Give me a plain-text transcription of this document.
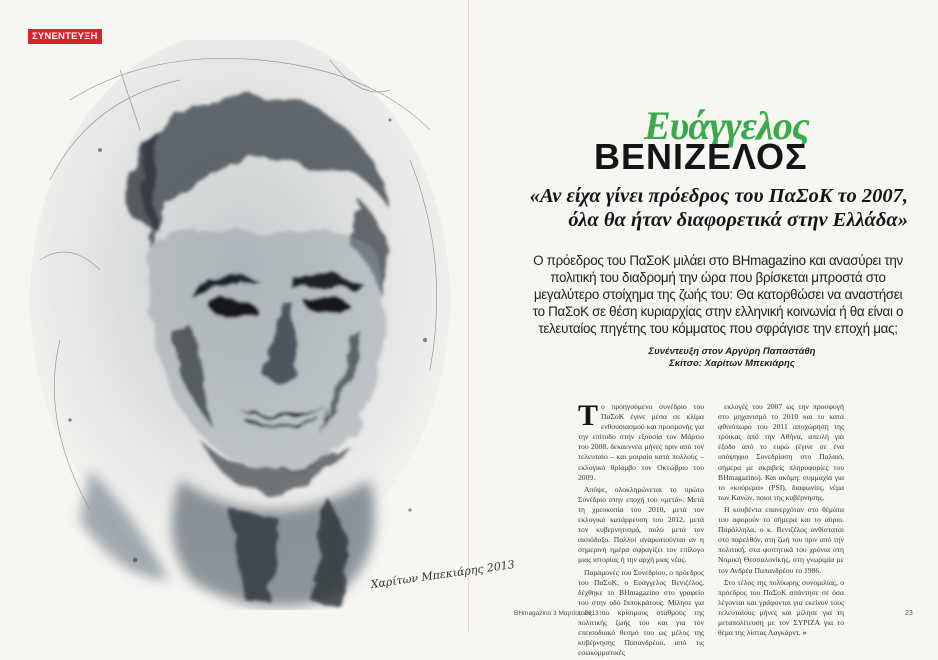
ΣΥΝΕΝΤΕΥΞΗ
Χαρίτων Μπεκιάρης 2013
Ευάγγελος
ΒΕΝΙΖΕΛΟΣ
«Αν είχα γίνει πρόεδρος του ΠαΣοΚ το 2007, όλα θα ήταν διαφορετικά στην Ελλάδα»
Ο πρόεδρος του ΠαΣοΚ μιλάει στο BHmagazino και ανασύρει την πολιτική του διαδρομή την ώρα που βρίσκεται μπροστά στο μεγαλύτερο στοίχημα της ζωής του: Θα κατορθώσει να αναστήσει το ΠαΣοΚ σε θέση κυριαρχίας στην ελληνική κοινωνία ή θα είναι ο τελευταίος πηγέτης του κόμματος που σφράγισε την εποχή μας;
Συνέντευξη στον Αργύρη Παπαστάθη
Σκίτσο: Χαρίτων Μπεκιάρης

Το προηγούμενο συνέδριο του ΠαΣοΚ έγινε μέσα σε κλίμα ενθουσιασμού και προσμονής για την επίτοδο στην εξουσία τον Μάρτιο του 2008, δεκαεννέα μήνες πριν από τον τελευταίο – και μοιραίο κατά πολλούς – εκλογικό θρίαμβο τον Οκτώβριο του 2009.

Απόψε, ολοκληρώνεται το πρώτο Συνέδριο στην εποχή του «μετά». Μετά τη χρεοκοπία του 2010, μετά τον εκλογικό κατάρρευση του 2012, μετά τον κυβερνητισμό, πολύ μετά τον αισιόδοξο. Πολλοί αναρωτιούνται αν η σημερινή ημέρα σφραγίζει τον επίλογο μιας ιστορίας ή την αρχή μιας νέας.

Παραμονές του Συνεδρίου, ο πρόεδρος του ΠαΣοΚ, ο Ευάγγελος Βενιζέλος, δέχθηκε το BHmagazino στο γραφείο του στην οδό Ιπποκράτους. Μίλησε για τους πιο κρίσιμους σταθμούς της πολιτικής ζωής του και για τον επεισοδιακό θεσμό του ως μέλος της κυβέρνησης Παπανδρέου, από τις εσωκομματικές

εκλογές του 2007 ως την προσφυγή στο μηχανισμό το 2010 και το κατά φθινόπωρο του 2011 αποχώρηση της τρόικας από την Αθήνα, απειλή για έξοδο από το ευρώ (έγινε σε ένα υπόψηφιο Συνεδρίαση στο Παλαιό, σήμερα με ακριβείς πληροφορίες του BHmagazino). Και ακόμη: συμμαχία για το «κούρεμα» (PSI), διαφωνίες, νέμα των Κανών, ποιοι της κυβέρνησης.

Η κουβέντα επανερχόταν στο θέματα του αφορούν το σήμερα και το αύριο. Παράλληλα, ο κ. Βενιζέλος ανθίσταται στο παρελθόν, στη ζωή του πριν από την πολιτική, στα φοιτητικά του χρόνια στη Νομική Θεσσαλονίκης, στη γνωριμία με τον Ανδρέα Παπανδρέου το 1986.

Στο τέλος της πολύωρης συνομιλίας, ο πρόεδρος του ΠαΣοΚ απάντησε σε όσα λέγονται και γράφονται για εκείνον τους τελευταίους μήνες και μίλησε για τη μεταπολίτευση με τον ΣΥΡΙΖΑ για το θέμα της λίστας Λαγκάρντ. »

BHmagazino 3 Μαρτίου 2013	23
